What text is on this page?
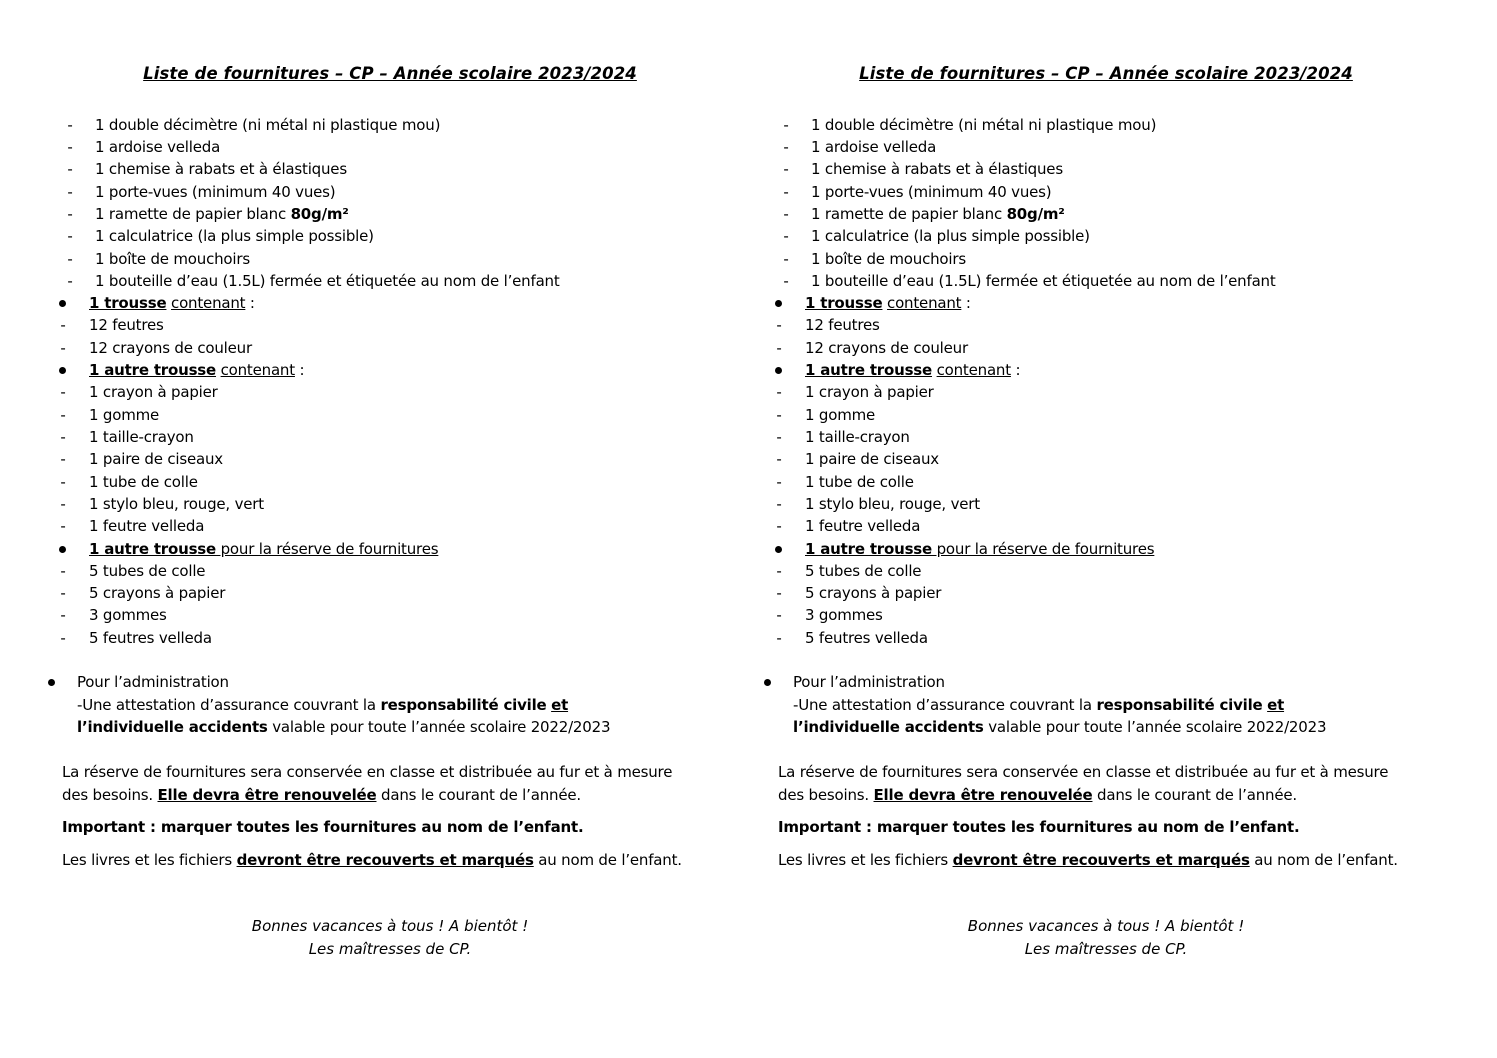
Liste de fournitures – CP – Année scolaire 2023/2024
- 1 double décimètre (ni métal ni plastique mou)
- 1 ardoise velleda
- 1 chemise à rabats et à élastiques
- 1 porte-vues (minimum 40 vues)
- 1 ramette de papier blanc 80g/m²
- 1 calculatrice (la plus simple possible)
- 1 boîte de mouchoirs
- 1 bouteille d’eau (1.5L) fermée et étiquetée au nom de l’enfant
1 trousse contenant :
- 12 feutres
- 12 crayons de couleur
1 autre trousse contenant :
- 1 crayon à papier
- 1 gomme
- 1 taille-crayon
- 1 paire de ciseaux
- 1 tube de colle
- 1 stylo bleu, rouge, vert
- 1 feutre velleda
1 autre trousse pour la réserve de fournitures
- 5 tubes de colle
- 5 crayons à papier
- 3 gommes
- 5 feutres velleda
Pour l’administration
-Une attestation d’assurance couvrant la responsabilité civile et
l’individuelle accidents valable pour toute l’année scolaire 2022/2023
La réserve de fournitures sera conservée en classe et distribuée au fur et à mesure
des besoins. Elle devra être renouvelée dans le courant de l’année.
Important : marquer toutes les fournitures au nom de l’enfant.
Les livres et les fichiers devront être recouverts et marqués au nom de l’enfant.
Bonnes vacances à tous ! A bientôt !
Les maîtresses de CP.
Liste de fournitures – CP – Année scolaire 2023/2024
- 1 double décimètre (ni métal ni plastique mou)
- 1 ardoise velleda
- 1 chemise à rabats et à élastiques
- 1 porte-vues (minimum 40 vues)
- 1 ramette de papier blanc 80g/m²
- 1 calculatrice (la plus simple possible)
- 1 boîte de mouchoirs
- 1 bouteille d’eau (1.5L) fermée et étiquetée au nom de l’enfant
1 trousse contenant :
- 12 feutres
- 12 crayons de couleur
1 autre trousse contenant :
- 1 crayon à papier
- 1 gomme
- 1 taille-crayon
- 1 paire de ciseaux
- 1 tube de colle
- 1 stylo bleu, rouge, vert
- 1 feutre velleda
1 autre trousse pour la réserve de fournitures
- 5 tubes de colle
- 5 crayons à papier
- 3 gommes
- 5 feutres velleda
Pour l’administration
-Une attestation d’assurance couvrant la responsabilité civile et
l’individuelle accidents valable pour toute l’année scolaire 2022/2023
La réserve de fournitures sera conservée en classe et distribuée au fur et à mesure
des besoins. Elle devra être renouvelée dans le courant de l’année.
Important : marquer toutes les fournitures au nom de l’enfant.
Les livres et les fichiers devront être recouverts et marqués au nom de l’enfant.
Bonnes vacances à tous ! A bientôt !
Les maîtresses de CP.
